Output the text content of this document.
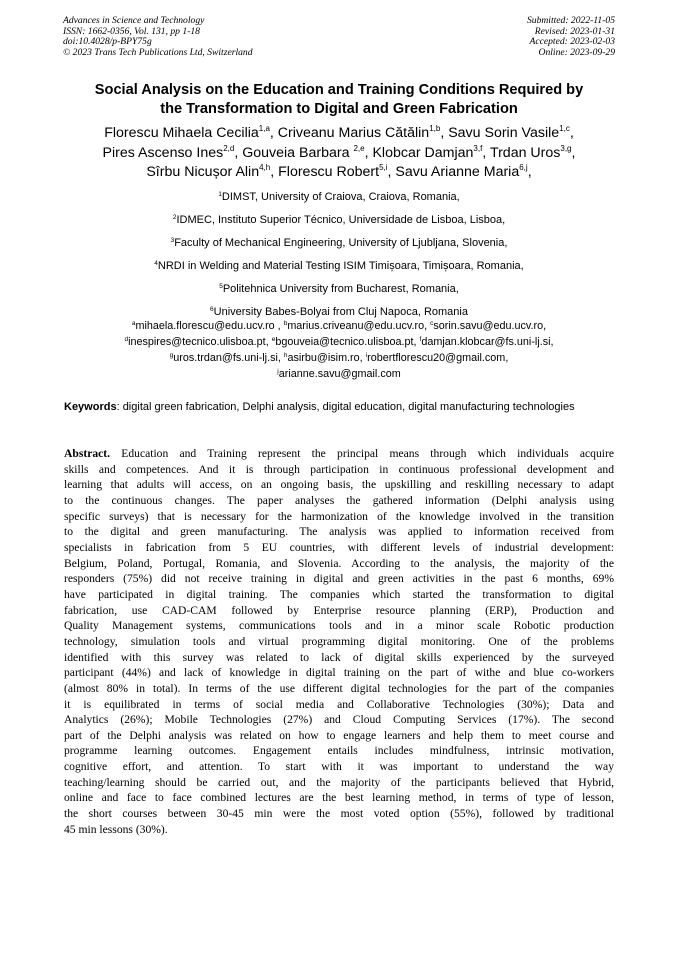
Advances in Science and Technology
ISSN: 1662-0356, Vol. 131, pp 1-18
doi:10.4028/p-BPY75g
© 2023 Trans Tech Publications Ltd, Switzerland
Submitted: 2022-11-05
Revised: 2023-01-31
Accepted: 2023-02-03
Online: 2023-09-29
Social Analysis on the Education and Training Conditions Required by
the Transformation to Digital and Green Fabrication
Florescu Mihaela Cecilia$^{1,a}$, Criveanu Marius Cătălin$^{1,b}$, Savu Sorin Vasile$^{1,c}$,
Pires Ascenso Ines$^{2,d}$, Gouveia Barbara $^{2,e}$, Klobcar Damjan$^{3,f}$, Trdan Uros$^{3,g}$,
Sîrbu Nicușor Alin$^{4,h}$, Florescu Robert$^{5,i}$, Savu Arianne Maria$^{6,j}$,
$^1$DIMST, University of Craiova, Craiova, Romania,
$^2$IDMEC, Instituto Superior Técnico, Universidade de Lisboa, Lisboa,
$^3$Faculty of Mechanical Engineering, University of Ljubljana, Slovenia,
$^4$NRDI in Welding and Material Testing ISIM Timișoara, Timișoara, Romania,
$^5$Politehnica University from Bucharest, Romania,
$^6$University Babes-Bolyai from Cluj Napoca, Romania
$^a$mihaela.florescu@edu.ucv.ro , $^b$marius.criveanu@edu.ucv.ro, $^c$sorin.savu@edu.ucv.ro,
$^d$inespires@tecnico.ulisboa.pt, $^e$bgouveia@tecnico.ulisboa.pt, $^f$damjan.klobcar@fs.uni-lj.si,
$^g$uros.trdan@fs.uni-lj.si, $^h$asirbu@isim.ro, $^i$robertflorescu20@gmail.com,
$^j$arianne.savu@gmail.com
Keywords: digital green fabrication, Delphi analysis, digital education, digital manufacturing technologies
Abstract. Education and Training represent the principal means through which individuals acquire
skills and competences. And it is through participation in continuous professional development and
learning that adults will access, on an ongoing basis, the upskilling and reskilling necessary to adapt
to the continuous changes. The paper analyses the gathered information (Delphi analysis using
specific surveys) that is necessary for the harmonization of the knowledge involved in the transition
to the digital and green manufacturing. The analysis was applied to information received from
specialists in fabrication from 5 EU countries, with different levels of industrial development:
Belgium, Poland, Portugal, Romania, and Slovenia. According to the analysis, the majority of the
responders (75%) did not receive training in digital and green activities in the past 6 months, 69%
have participated in digital training. The companies which started the transformation to digital
fabrication, use CAD-CAM followed by Enterprise resource planning (ERP), Production and
Quality Management systems, communications tools and in a minor scale Robotic production
technology, simulation tools and virtual programming digital monitoring. One of the problems
identified with this survey was related to lack of digital skills experienced by the surveyed
participant (44%) and lack of knowledge in digital training on the part of withe and blue co-workers
(almost 80% in total). In terms of the use different digital technologies for the part of the companies
it is equilibrated in terms of social media and Collaborative Technologies (30%); Data and
Analytics (26%); Mobile Technologies (27%) and Cloud Computing Services (17%). The second
part of the Delphi analysis was related on how to engage learners and help them to meet course and
programme learning outcomes. Engagement entails includes mindfulness, intrinsic motivation,
cognitive effort, and attention. To start with it was important to understand the way
teaching/learning should be carried out, and the majority of the participants believed that Hybrid,
online and face to face combined lectures are the best learning method, in terms of type of lesson,
the short courses between 30-45 min were the most voted option (55%), followed by traditional
45 min lessons (30%).
